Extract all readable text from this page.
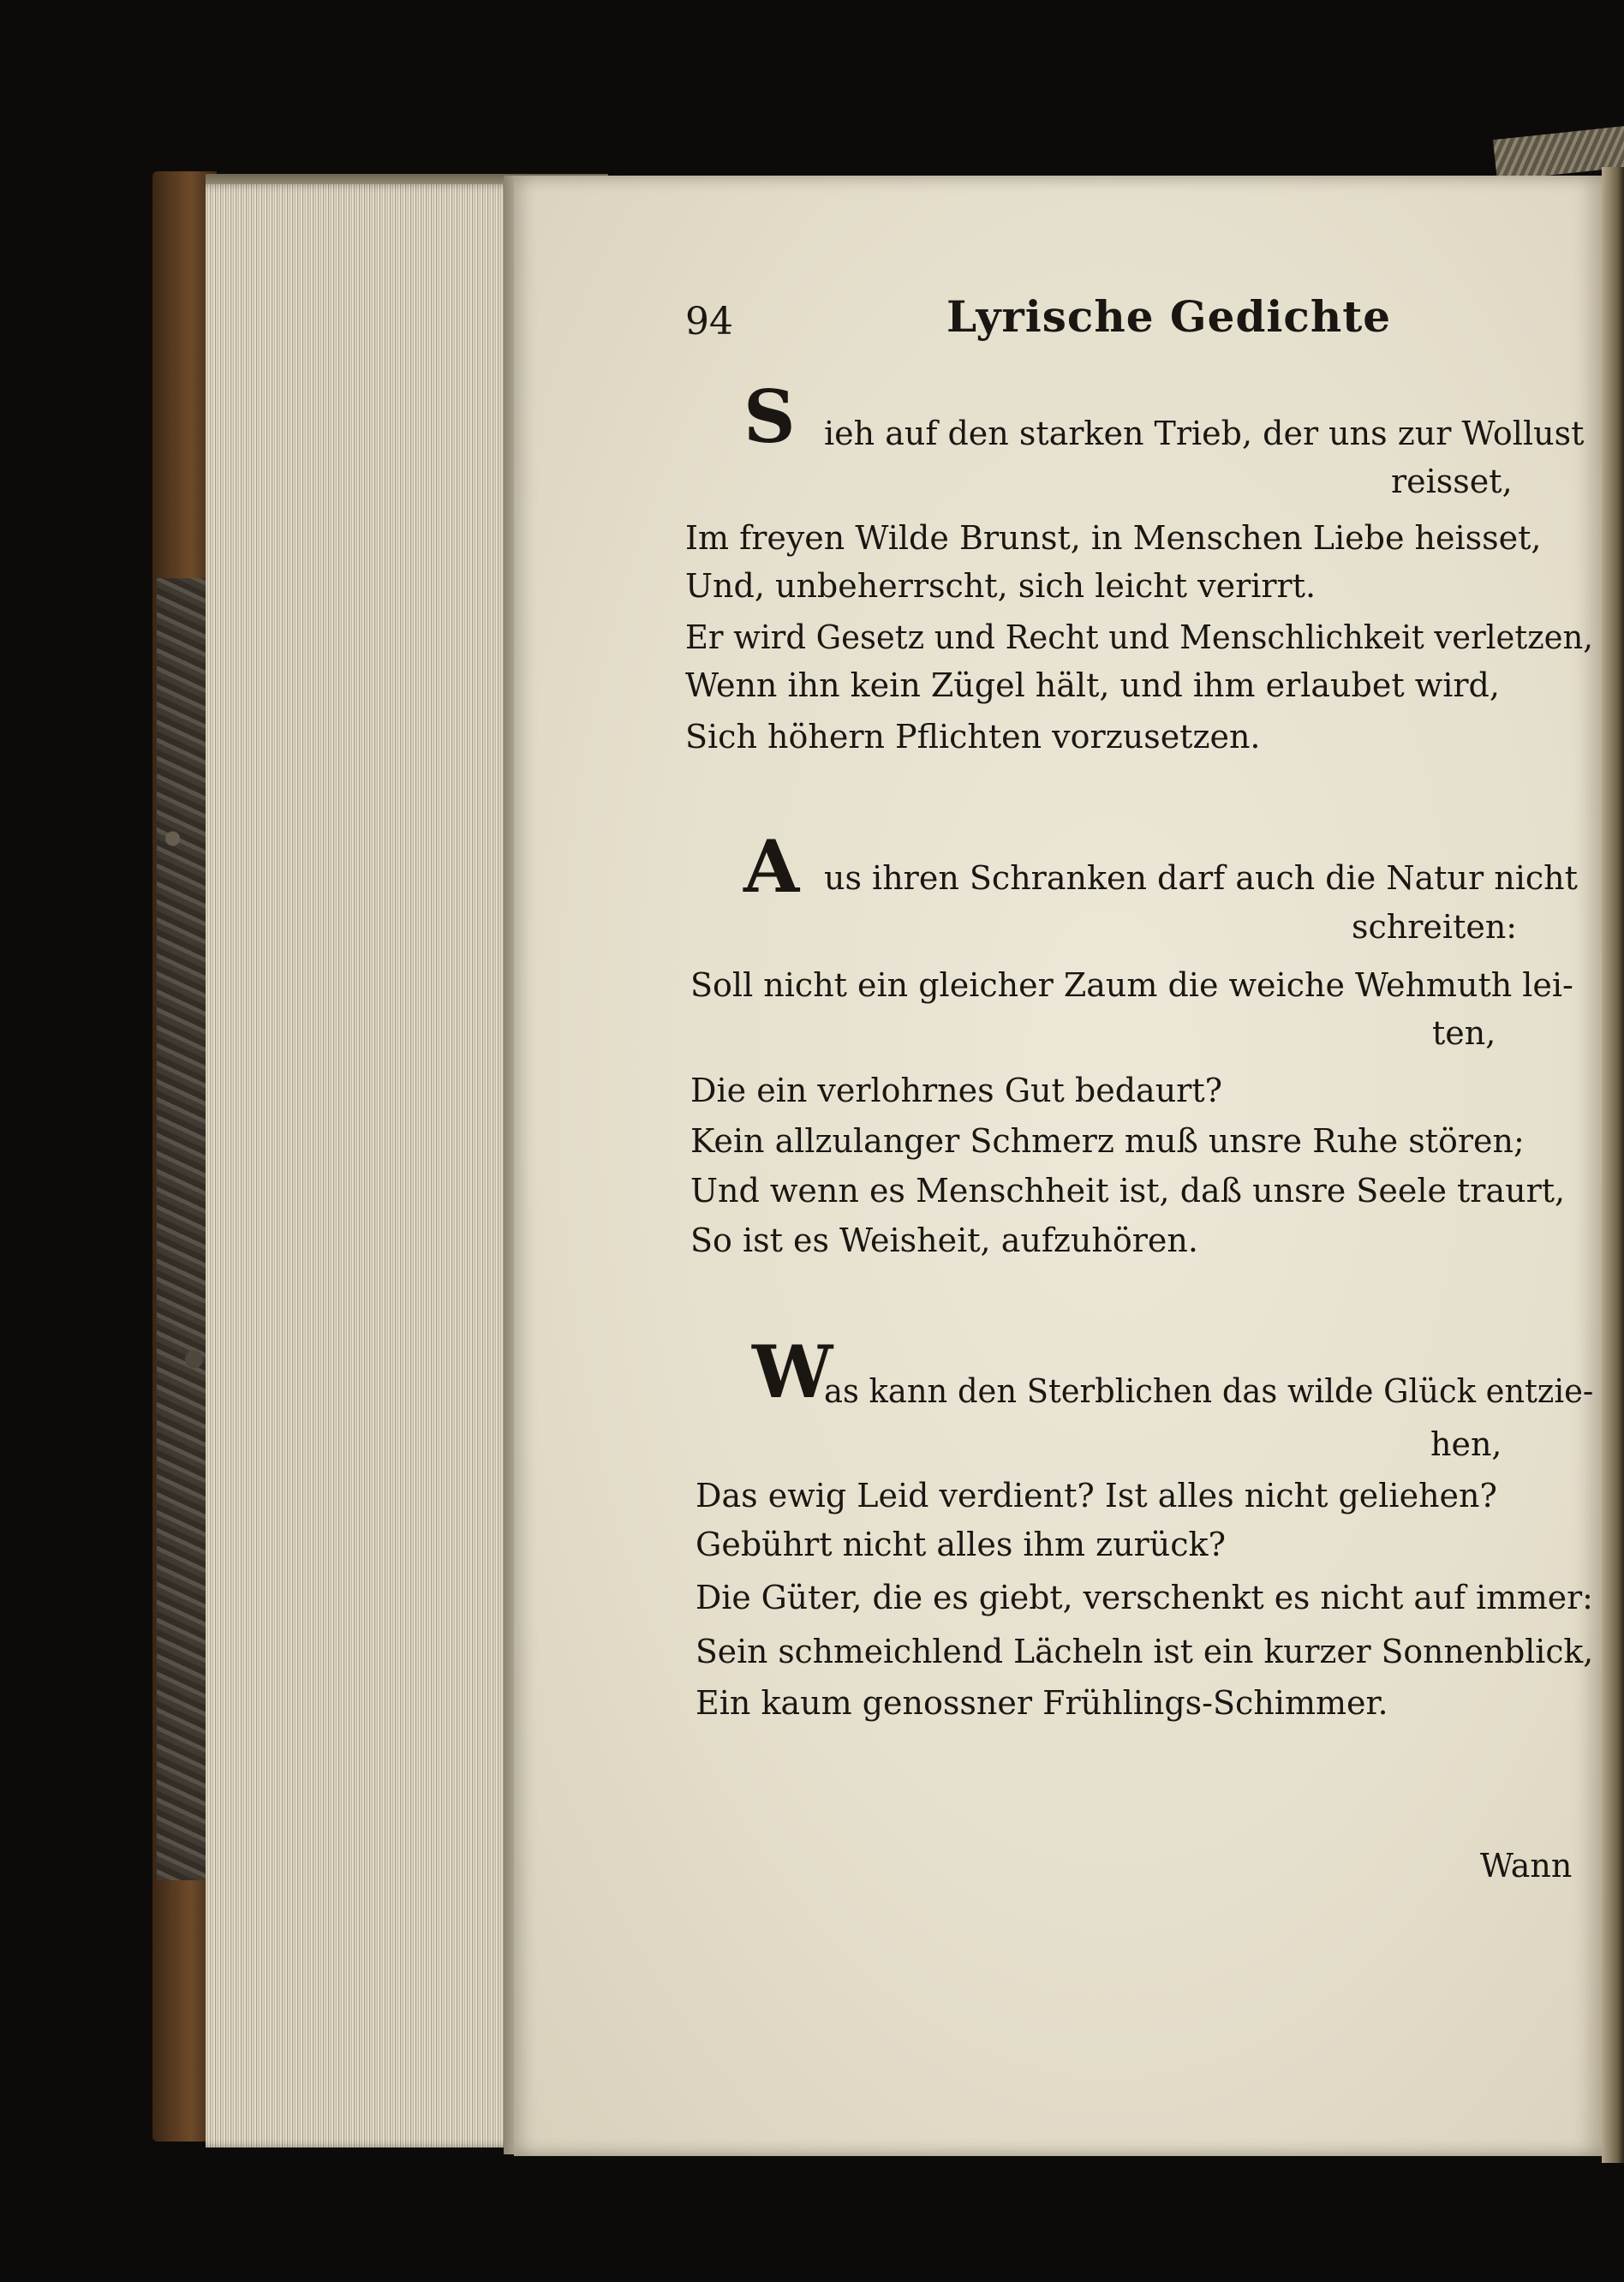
94	Lyrische Gedichte
S ieh auf den starken Trieb, der uns zur Wollust
reisset,
Im freyen Wilde Brunst, in Menschen Liebe heisset,
Und, unbeherrscht, sich leicht verirrt.
Er wird Gesetz und Recht und Menschlichkeit verletzen,
Wenn ihn kein Zügel hält, und ihm erlaubet wird,
Sich höhern Pflichten vorzusetzen.
A us ihren Schranken darf auch die Natur nicht
schreiten:
Soll nicht ein gleicher Zaum die weiche Wehmuth lei-
ten,
Die ein verlohrnes Gut bedaurt?
Kein allzulanger Schmerz muß unsre Ruhe stören;
Und wenn es Menschheit ist, daß unsre Seele traurt,
So ist es Weisheit, aufzuhören.
W
as kann den Sterblichen das wilde Glück entzie-
hen,
Das ewig Leid verdient? Ist alles nicht geliehen?
Gebührt nicht alles ihm zurück?
Die Güter, die es giebt, verschenkt es nicht auf immer:
Sein schmeichlend Lächeln ist ein kurzer Sonnenblick,
Ein kaum genossner Frühlings-Schimmer.
Wann
